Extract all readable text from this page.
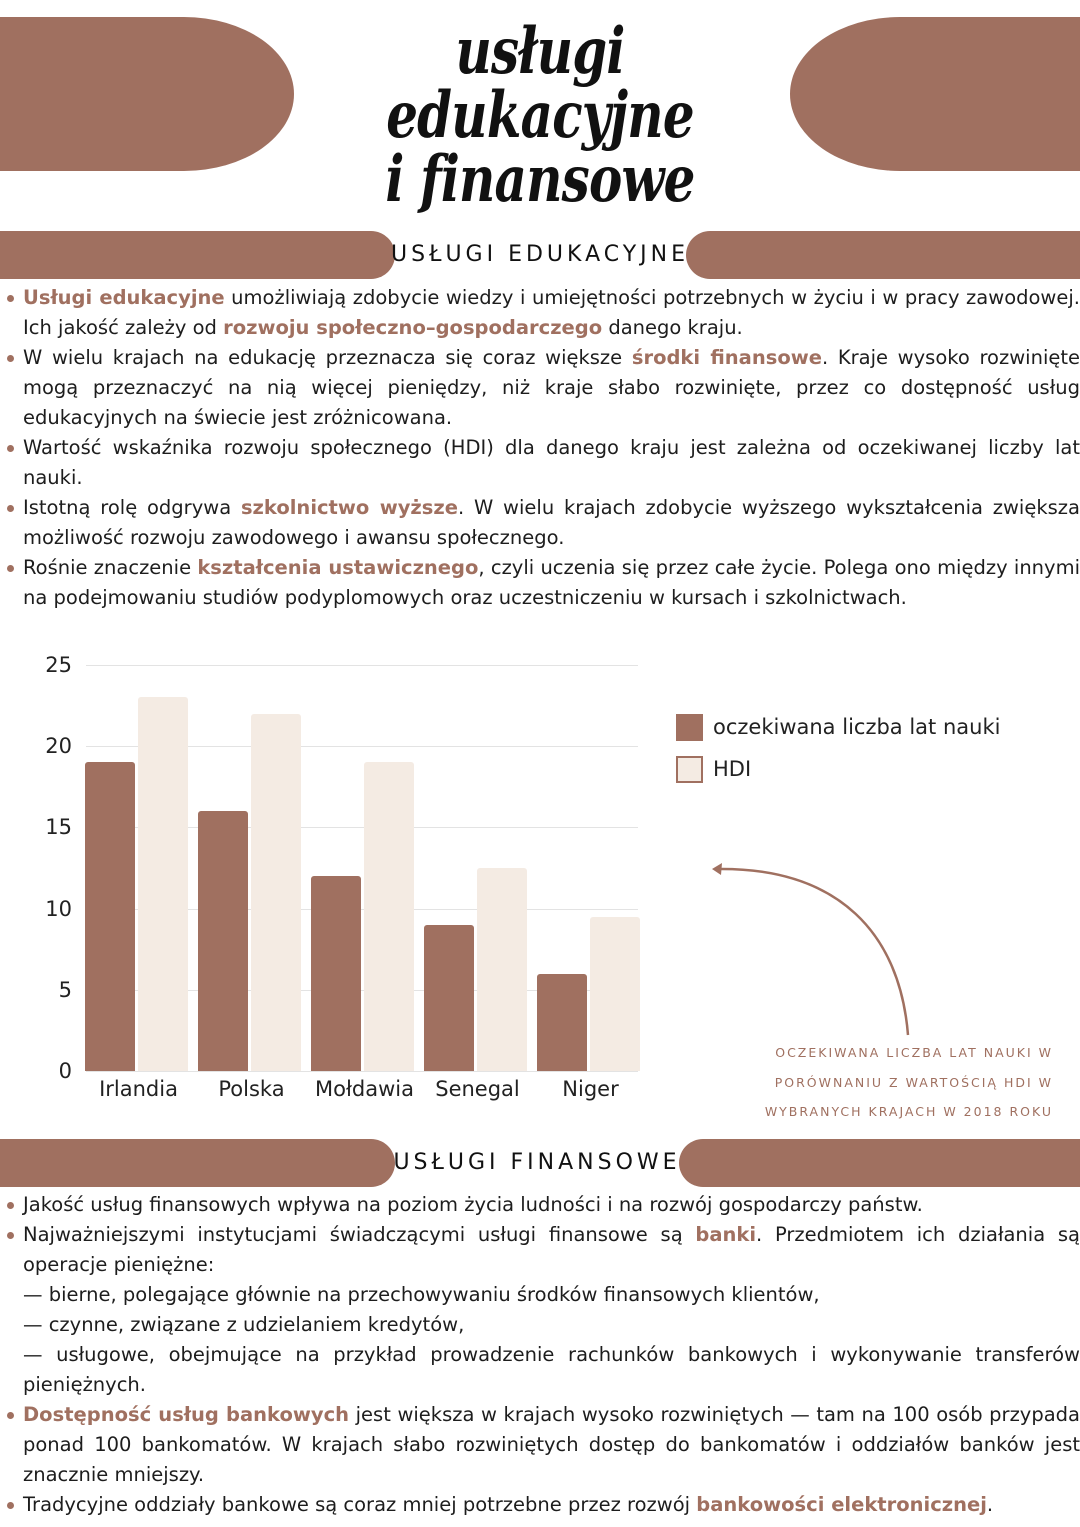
usługi edukacyjne
i finansowe
USŁUGI EDUKACYJNE
Usługi edukacyjne umożliwiają zdobycie wiedzy i umiejętności potrzebnych w życiu i w pracy zawodowej. Ich jakość zależy od rozwoju społeczno–gospodarczego danego kraju.
W wielu krajach na edukację przeznacza się coraz większe środki finansowe. Kraje wysoko rozwinięte mogą przeznaczyć na nią więcej pieniędzy, niż kraje słabo rozwinięte, przez co dostępność usług edukacyjnych na świecie jest zróżnicowana.
Wartość wskaźnika rozwoju społecznego (HDI) dla danego kraju jest zależna od oczekiwanej liczby lat nauki.
Istotną rolę odgrywa szkolnictwo wyższe. W wielu krajach zdobycie wyższego wykształcenia zwiększa możliwość rozwoju zawodowego i awansu społecznego.
Rośnie znaczenie kształcenia ustawicznego, czyli uczenia się przez całe życie. Polega ono między innymi na podejmowaniu studiów podyplomowych oraz uczestniczeniu w kursach i szkolnictwach.
0
5
10
15
20
25
Irlandia	Polska	Mołdawia	Senegal	Niger
oczekiwana liczba lat nauki
HDI
OCZEKIWANA LICZBA LAT NAUKI W
PORÓWNANIU Z WARTOŚCIĄ HDI W
WYBRANYCH KRAJACH W 2018 ROKU
USŁUGI FINANSOWE
Jakość usług finansowych wpływa na poziom życia ludności i na rozwój gospodarczy państw.
Najważniejszymi instytucjami świadczącymi usługi finansowe są banki. Przedmiotem ich działania są operacje pieniężne:
— bierne, polegające głównie na przechowywaniu środków finansowych klientów,
— czynne, związane z udzielaniem kredytów,
— usługowe, obejmujące na przykład prowadzenie rachunków bankowych i wykonywanie transferów pieniężnych.
Dostępność usług bankowych jest większa w krajach wysoko rozwiniętych — tam na 100 osób przypada ponad 100 bankomatów. W krajach słabo rozwiniętych dostęp do bankomatów i oddziałów banków jest znacznie mniejszy.
Tradycyjne oddziały bankowe są coraz mniej potrzebne przez rozwój bankowości elektronicznej.
